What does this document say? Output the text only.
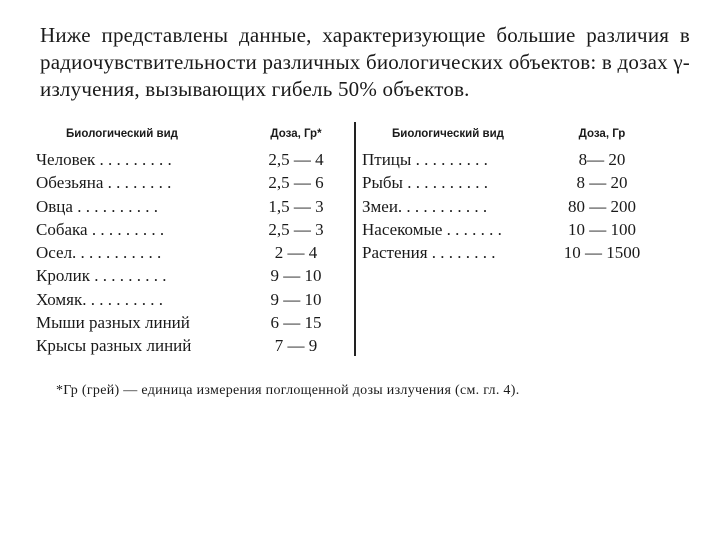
Ниже представлены данные, характеризующие большие различия в радиочувствительности различных биологических объектов: в дозах γ-излучения, вызывающих гибель 50% объектов.
Биологический вид	Доза, Гр*
Человек . . . . . . . . .	2,5 — 4
Обезьяна . . . . . . . .	2,5 — 6
Овца . . . . . . . . . .	1,5 — 3
Собака . . . . . . . . .	2,5 — 3
Осел. . . . . . . . . . .	2 — 4
Кролик . . . . . . . . .	9 — 10
Хомяк. . . . . . . . . .	9 — 10
Мыши разных линий	6 — 15
Крысы разных линий	7 — 9
Биологический вид	Доза, Гр
Птицы . . . . . . . . .	8— 20
Рыбы . . . . . . . . . .	8 — 20
Змеи. . . . . . . . . . .	80 — 200
Насекомые . . . . . . .	10 — 100
Растения . . . . . . . .	10 — 1500
*Гр (грей) — единица измерения поглощенной дозы излучения (см. гл. 4).
